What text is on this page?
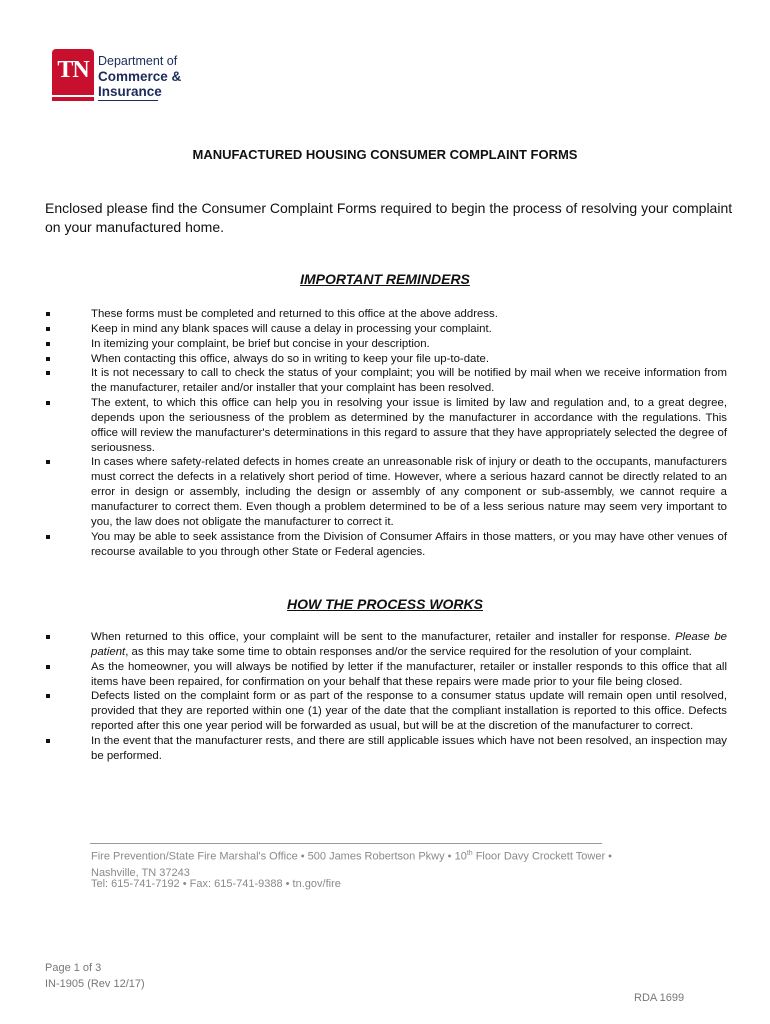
TN Department of
Commerce &
Insurance
MANUFACTURED HOUSING CONSUMER COMPLAINT FORMS
Enclosed please find the Consumer Complaint Forms required to begin the process of resolving your complaint on your manufactured home.
IMPORTANT REMINDERS
These forms must be completed and returned to this office at the above address.
Keep in mind any blank spaces will cause a delay in processing your complaint.
In itemizing your complaint, be brief but concise in your description.
When contacting this office, always do so in writing to keep your file up-to-date.
It is not necessary to call to check the status of your complaint; you will be notified by mail when we receive information from the manufacturer, retailer and/or installer that your complaint has been resolved.
The extent, to which this office can help you in resolving your issue is limited by law and regulation and, to a great degree, depends upon the seriousness of the problem as determined by the manufacturer in accordance with the regulations. This office will review the manufacturer's determinations in this regard to assure that they have appropriately selected the degree of seriousness.
In cases where safety-related defects in homes create an unreasonable risk of injury or death to the occupants, manufacturers must correct the defects in a relatively short period of time. However, where a serious hazard cannot be directly related to an error in design or assembly, including the design or assembly of any component or sub-assembly, we cannot require a manufacturer to correct them. Even though a problem determined to be of a less serious nature may seem very important to you, the law does not obligate the manufacturer to correct it.
You may be able to seek assistance from the Division of Consumer Affairs in those matters, or you may have other venues of recourse available to you through other State or Federal agencies.
HOW THE PROCESS WORKS
When returned to this office, your complaint will be sent to the manufacturer, retailer and installer for response. Please be patient, as this may take some time to obtain responses and/or the service required for the resolution of your complaint.
As the homeowner, you will always be notified by letter if the manufacturer, retailer or installer responds to this office that all items have been repaired, for confirmation on your behalf that these repairs were made prior to your file being closed.
Defects listed on the complaint form or as part of the response to a consumer status update will remain open until resolved, provided that they are reported within one (1) year of the date that the compliant installation is reported to this office. Defects reported after this one year period will be forwarded as usual, but will be at the discretion of the manufacturer to correct.
In the event that the manufacturer rests, and there are still applicable issues which have not been resolved, an inspection may be performed.
Fire Prevention/State Fire Marshal's Office • 500 James Robertson Pkwy • 10th Floor Davy Crockett Tower • Nashville, TN 37243
Tel: 615-741-7192 • Fax: 615-741-9388 • tn.gov/fire
Page 1 of 3
IN-1905 (Rev 12/17)
RDA 1699
